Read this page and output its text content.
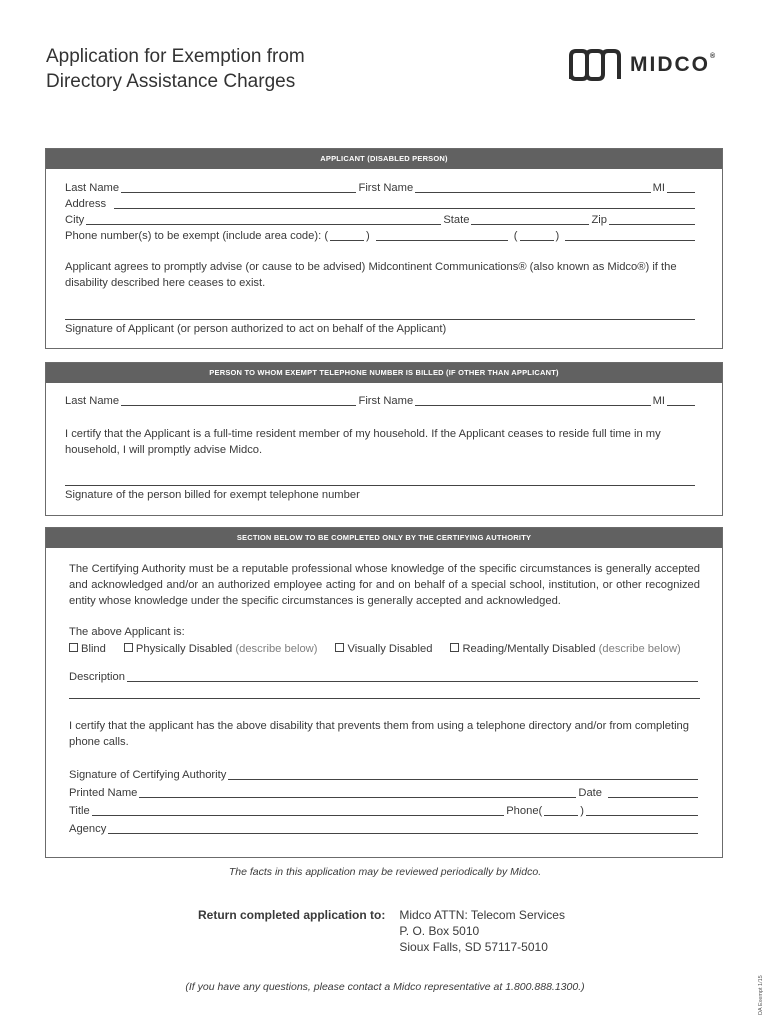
Application for Exemption from
Directory Assistance Charges
MIDCO®
APPLICANT (DISABLED PERSON)
Last Name	First Name	MI
Address
City	State	Zip
Phone number(s) to be exempt (include area code): (	)	(	)
Applicant agrees to promptly advise (or cause to be advised) Midcontinent Communications® (also known as Midco®) if the disability described here ceases to exist.
Signature of Applicant (or person authorized to act on behalf of the Applicant)
PERSON TO WHOM EXEMPT TELEPHONE NUMBER IS BILLED (IF OTHER THAN APPLICANT)
Last Name	First Name	MI
I certify that the Applicant is a full-time resident member of my household. If the Applicant ceases to reside full time in my household, I will promptly advise Midco.
Signature of the person billed for exempt telephone number
SECTION BELOW TO BE COMPLETED ONLY BY THE CERTIFYING AUTHORITY
The Certifying Authority must be a reputable professional whose knowledge of the specific circumstances is generally accepted and acknowledged and/or an authorized employee acting for and on behalf of a special school, institution, or other recognized entity whose knowledge under the specific circumstances is generally accepted and acknowledged.
The above Applicant is:
Blind	Physically Disabled (describe below)	Visually Disabled	Reading/Mentally Disabled (describe below)
Description
I certify that the applicant has the above disability that prevents them from using a telephone directory and/or from completing phone calls.
Signature of Certifying Authority
Printed Name	Date
Title	Phone(	)
Agency
The facts in this application may be reviewed periodically by Midco.
Return completed application to: Midco ATTN: Telecom Services
P. O. Box 5010
Sioux Falls, SD 57117-5010
(If you have any questions, please contact a Midco representative at 1.800.888.1300.)	DA Exempt 1/15
